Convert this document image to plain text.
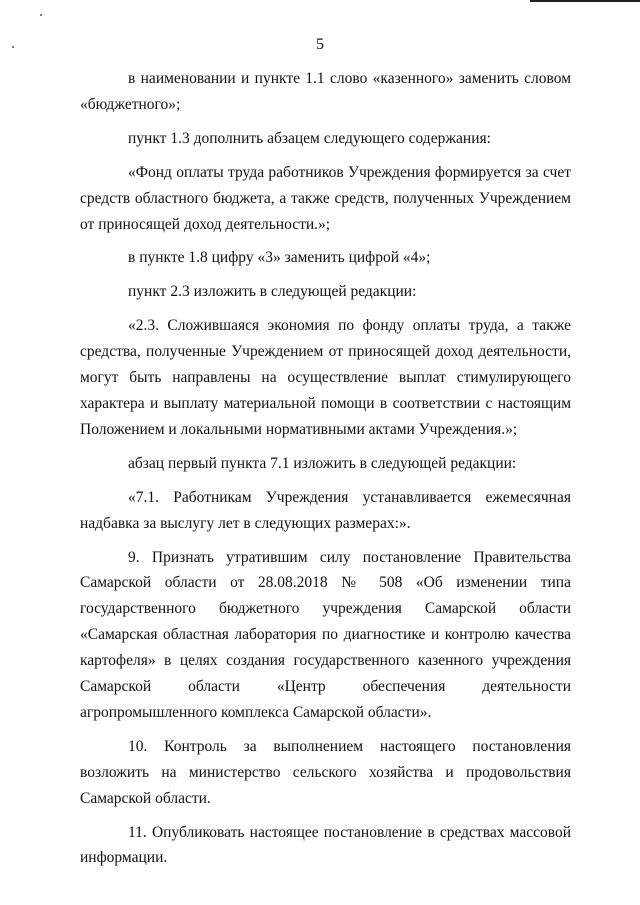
5

в наименовании и пункте 1.1 слово «казенного» заменить словом «бюджетного»;

пункт 1.3 дополнить абзацем следующего содержания:

«Фонд оплаты труда работников Учреждения формируется за счет средств областного бюджета, а также средств, полученных Учреждением от приносящей доход деятельности.»;

в пункте 1.8 цифру «3» заменить цифрой «4»;

пункт 2.3 изложить в следующей редакции:

«2.3. Сложившаяся экономия по фонду оплаты труда, а также средства, полученные Учреждением от приносящей доход деятельности, могут быть направлены на осуществление выплат стимулирующего характера и выплату материальной помощи в соответствии с настоящим Положением и локальными нормативными актами Учреждения.»;

абзац первый пункта 7.1 изложить в следующей редакции:

«7.1. Работникам Учреждения устанавливается ежемесячная надбавка за выслугу лет в следующих размерах:».

9. Признать утратившим силу постановление Правительства Самарской области от 28.08.2018 № 508 «Об изменении типа государственного бюджетного учреждения Самарской области «Самарская областная лаборатория по диагностике и контролю качества картофеля» в целях создания государственного казенного учреждения Самарской области «Центр обеспечения деятельности агропромышленного комплекса Самарской области».

10. Контроль за выполнением настоящего постановления возложить на министерство сельского хозяйства и продовольствия Самарской области.

11. Опубликовать настоящее постановление в средствах массовой информации.
